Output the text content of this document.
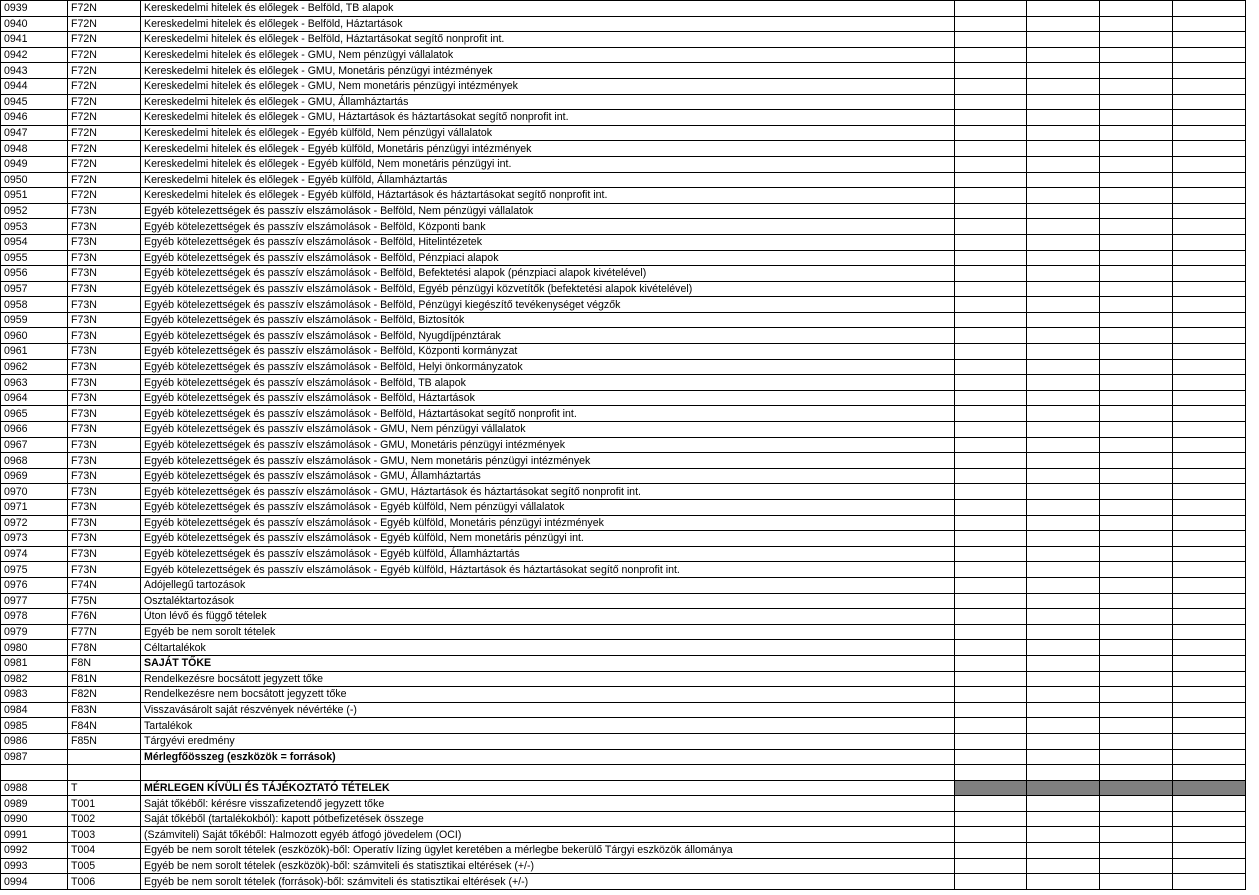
0939	F72N	Kereskedelmi hitelek és előlegek - Belföld, TB alapok				
0940	F72N	Kereskedelmi hitelek és előlegek - Belföld, Háztartások				
0941	F72N	Kereskedelmi hitelek és előlegek - Belföld, Háztartásokat segítő nonprofit int.				
0942	F72N	Kereskedelmi hitelek és előlegek - GMU, Nem pénzügyi vállalatok				
0943	F72N	Kereskedelmi hitelek és előlegek - GMU, Monetáris pénzügyi intézmények				
0944	F72N	Kereskedelmi hitelek és előlegek - GMU, Nem monetáris pénzügyi intézmények				
0945	F72N	Kereskedelmi hitelek és előlegek - GMU, Államháztartás				
0946	F72N	Kereskedelmi hitelek és előlegek - GMU, Háztartások és háztartásokat segítő nonprofit int.				
0947	F72N	Kereskedelmi hitelek és előlegek - Egyéb külföld, Nem pénzügyi vállalatok				
0948	F72N	Kereskedelmi hitelek és előlegek - Egyéb külföld, Monetáris pénzügyi intézmények				
0949	F72N	Kereskedelmi hitelek és előlegek - Egyéb külföld, Nem monetáris pénzügyi int.				
0950	F72N	Kereskedelmi hitelek és előlegek - Egyéb külföld, Államháztartás				
0951	F72N	Kereskedelmi hitelek és előlegek - Egyéb külföld, Háztartások és háztartásokat segítő nonprofit int.				
0952	F73N	Egyéb kötelezettségek és passzív elszámolások - Belföld, Nem pénzügyi vállalatok				
0953	F73N	Egyéb kötelezettségek és passzív elszámolások - Belföld, Központi bank				
0954	F73N	Egyéb kötelezettségek és passzív elszámolások - Belföld, Hitelintézetek				
0955	F73N	Egyéb kötelezettségek és passzív elszámolások - Belföld, Pénzpiaci alapok				
0956	F73N	Egyéb kötelezettségek és passzív elszámolások - Belföld, Befektetési alapok (pénzpiaci alapok kivételével)				
0957	F73N	Egyéb kötelezettségek és passzív elszámolások - Belföld, Egyéb pénzügyi közvetítők (befektetési alapok kivételével)				
0958	F73N	Egyéb kötelezettségek és passzív elszámolások - Belföld, Pénzügyi kiegészítő tevékenységet végzők				
0959	F73N	Egyéb kötelezettségek és passzív elszámolások - Belföld, Biztosítók				
0960	F73N	Egyéb kötelezettségek és passzív elszámolások - Belföld, Nyugdíjpénztárak				
0961	F73N	Egyéb kötelezettségek és passzív elszámolások - Belföld, Központi kormányzat				
0962	F73N	Egyéb kötelezettségek és passzív elszámolások - Belföld, Helyi önkormányzatok				
0963	F73N	Egyéb kötelezettségek és passzív elszámolások - Belföld, TB alapok				
0964	F73N	Egyéb kötelezettségek és passzív elszámolások - Belföld, Háztartások				
0965	F73N	Egyéb kötelezettségek és passzív elszámolások - Belföld, Háztartásokat segítő nonprofit int.				
0966	F73N	Egyéb kötelezettségek és passzív elszámolások - GMU, Nem pénzügyi vállalatok				
0967	F73N	Egyéb kötelezettségek és passzív elszámolások - GMU, Monetáris pénzügyi intézmények				
0968	F73N	Egyéb kötelezettségek és passzív elszámolások - GMU, Nem monetáris pénzügyi intézmények				
0969	F73N	Egyéb kötelezettségek és passzív elszámolások - GMU, Államháztartás				
0970	F73N	Egyéb kötelezettségek és passzív elszámolások - GMU, Háztartások és háztartásokat segítő nonprofit int.				
0971	F73N	Egyéb kötelezettségek és passzív elszámolások - Egyéb külföld, Nem pénzügyi vállalatok				
0972	F73N	Egyéb kötelezettségek és passzív elszámolások - Egyéb külföld, Monetáris pénzügyi intézmények				
0973	F73N	Egyéb kötelezettségek és passzív elszámolások - Egyéb külföld, Nem monetáris pénzügyi int.				
0974	F73N	Egyéb kötelezettségek és passzív elszámolások - Egyéb külföld, Államháztartás				
0975	F73N	Egyéb kötelezettségek és passzív elszámolások - Egyéb külföld, Háztartások és háztartásokat segítő nonprofit int.				
0976	F74N	Adójellegű tartozások				
0977	F75N	Osztaléktartozások				
0978	F76N	Úton lévő és függő tételek				
0979	F77N	Egyéb be nem sorolt tételek				
0980	F78N	Céltartalékok				
0981	F8N	SAJÁT TŐKE				
0982	F81N	Rendelkezésre bocsátott jegyzett tőke				
0983	F82N	Rendelkezésre nem bocsátott jegyzett tőke				
0984	F83N	Visszavásárolt saját részvények névértéke (-)				
0985	F84N	Tartalékok				
0986	F85N	Tárgyévi eredmény				
0987		Mérlegfőösszeg (eszközök = források)				

0988	T	MÉRLEGEN KÍVÜLI ÉS TÁJÉKOZTATÓ TÉTELEK				
0989	T001	Saját tőkéből: kérésre visszafizetendő jegyzett tőke				
0990	T002	Saját tőkéből (tartalékokból): kapott pótbefizetések összege				
0991	T003	(Számviteli) Saját tőkéből: Halmozott egyéb átfogó jövedelem (OCI)				
0992	T004	Egyéb be nem sorolt tételek (eszközök)-ből: Operatív lízing ügylet keretében a mérlegbe bekerülő Tárgyi eszközök állománya				
0993	T005	Egyéb be nem sorolt tételek (eszközök)-ből: számviteli és statisztikai eltérések (+/-)				
0994	T006	Egyéb be nem sorolt tételek (források)-ből: számviteli és statisztikai eltérések (+/-)				
